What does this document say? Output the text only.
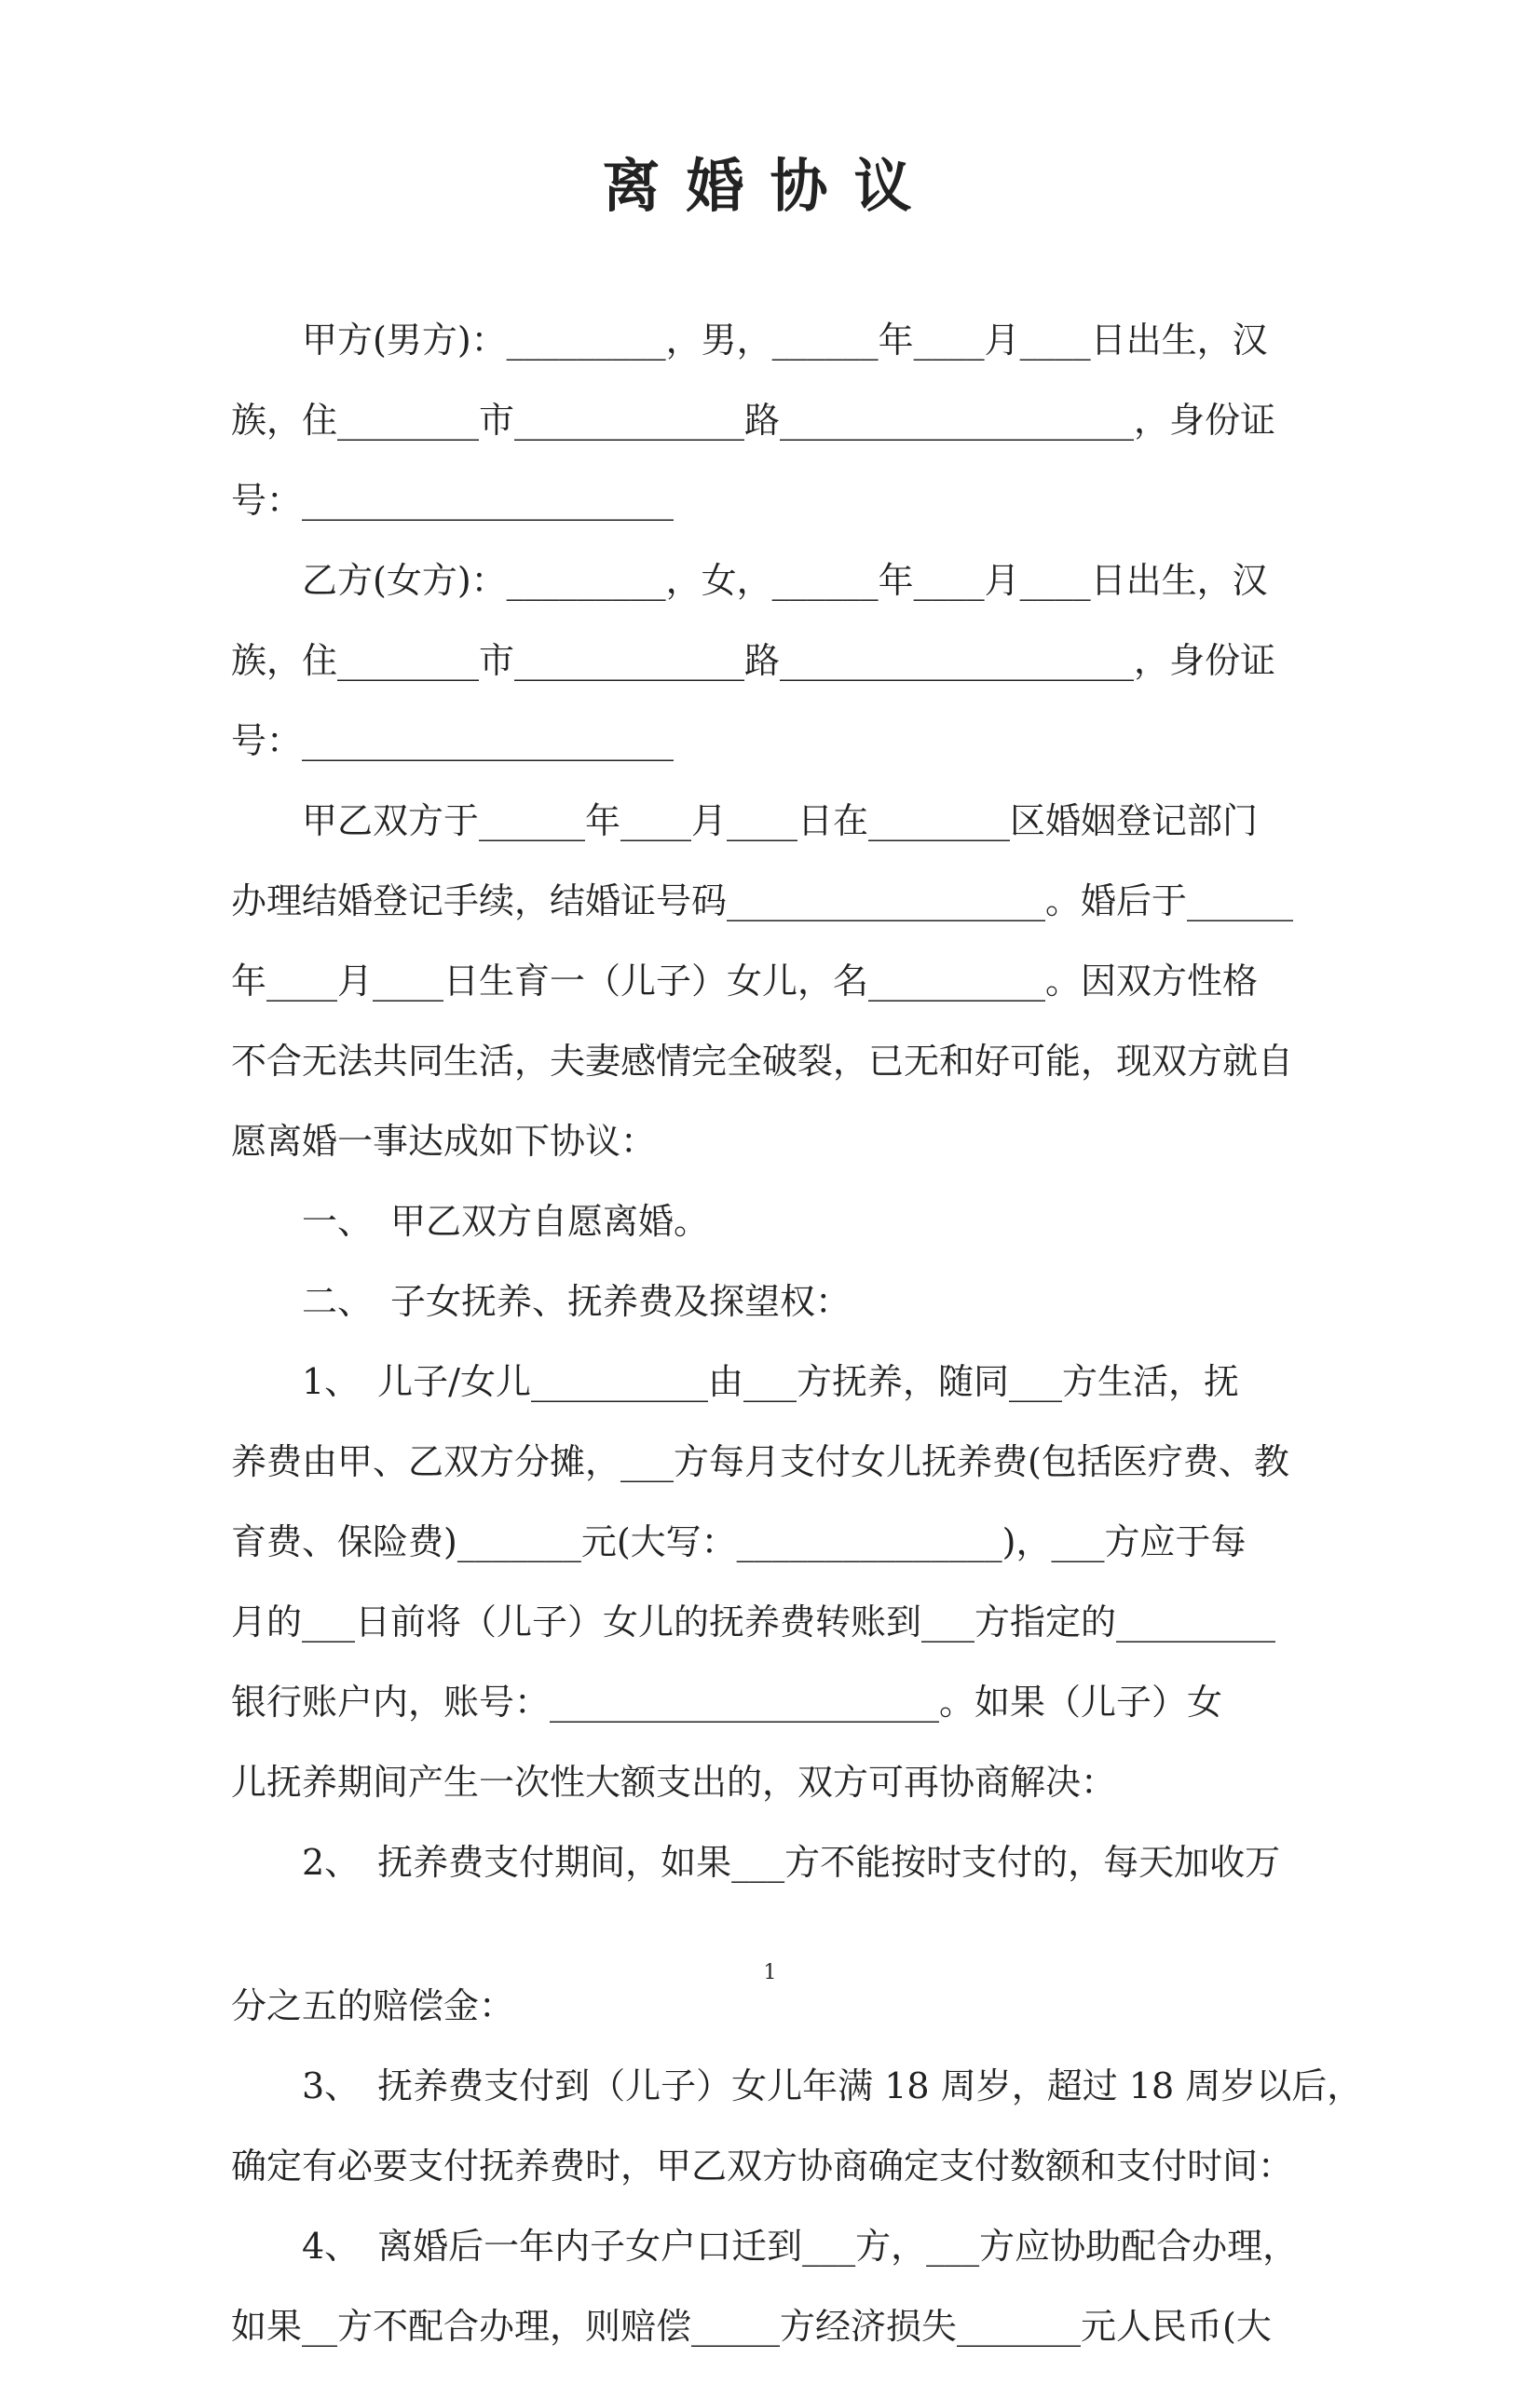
离婚协议
　　甲方(男方)：_________，男，______年____月____日出生，汉
族，住________市_____________路____________________，身份证
号：_____________________
　　乙方(女方)：_________，女，______年____月____日出生，汉
族，住________市_____________路____________________，身份证
号：_____________________
　　甲乙双方于______年____月____日在________区婚姻登记部门
办理结婚登记手续，结婚证号码__________________。婚后于______
年____月____日生育一（儿子）女儿，名__________。因双方性格
不合无法共同生活，夫妻感情完全破裂，已无和好可能，现双方就自
愿离婚一事达成如下协议：
　　一、　甲乙双方自愿离婚。
　　二、　子女抚养、抚养费及探望权：
　　1、　儿子/女儿__________由___方抚养，随同___方生活，抚
养费由甲、乙双方分摊，___方每月支付女儿抚养费(包括医疗费、教
育费、保险费)_______元(大写：_______________)，___方应于每
月的___日前将（儿子）女儿的抚养费转账到___方指定的_________
银行账户内，账号：______________________。如果（儿子）女
儿抚养期间产生一次性大额支出的，双方可再协商解决：
　　2、　抚养费支付期间，如果___方不能按时支付的，每天加收万
1
分之五的赔偿金：
　　3、　抚养费支付到（儿子）女儿年满 18 周岁，超过 18 周岁以后，
确定有必要支付抚养费时，甲乙双方协商确定支付数额和支付时间：
　　4、　离婚后一年内子女户口迁到___方，___方应协助配合办理，
如果__方不配合办理，则赔偿_____方经济损失_______元人民币(大
